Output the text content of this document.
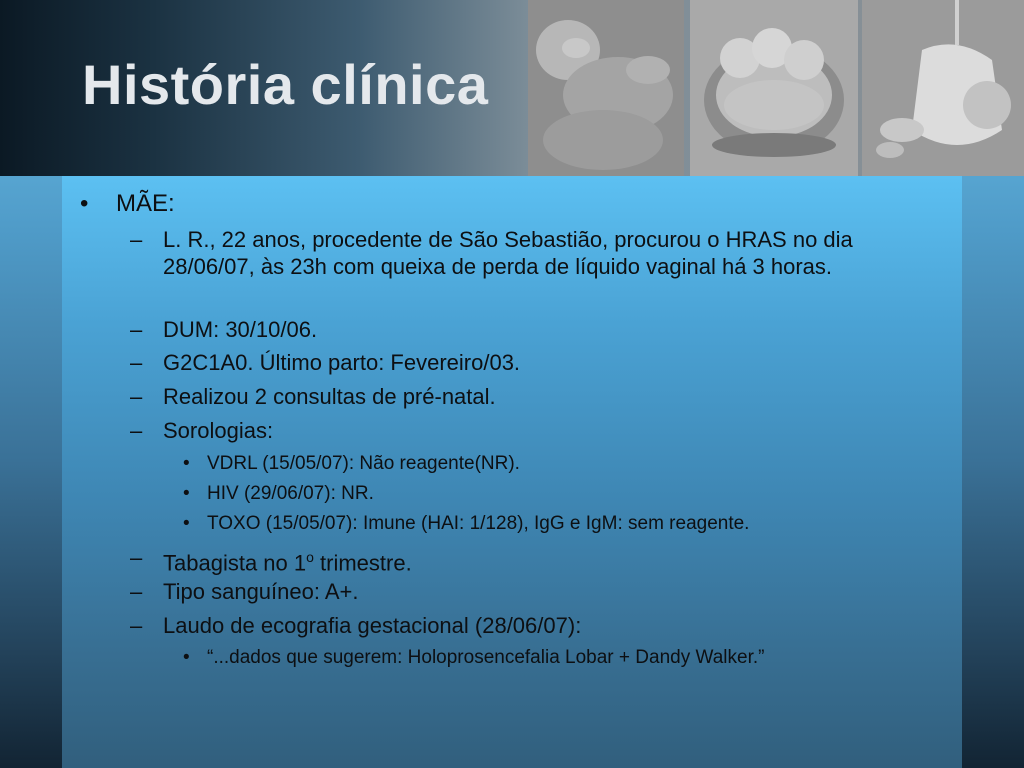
História clínica
• MÃE:
– L. R., 22 anos, procedente de São Sebastião, procurou o HRAS no dia 28/06/07, às 23h com queixa de perda de líquido vaginal há 3 horas.
– DUM: 30/10/06.
– G2C1A0. Último parto: Fevereiro/03.
– Realizou 2 consultas de pré-natal.
– Sorologias:
• VDRL (15/05/07): Não reagente(NR).
• HIV (29/06/07): NR.
• TOXO (15/05/07): Imune (HAI: 1/128), IgG e IgM: sem reagente.
– Tabagista no 1$^o$ trimestre.
– Tipo sanguíneo: A+.
– Laudo de ecografia gestacional (28/06/07):
• “...dados que sugerem: Holoprosencefalia Lobar + Dandy Walker.”
